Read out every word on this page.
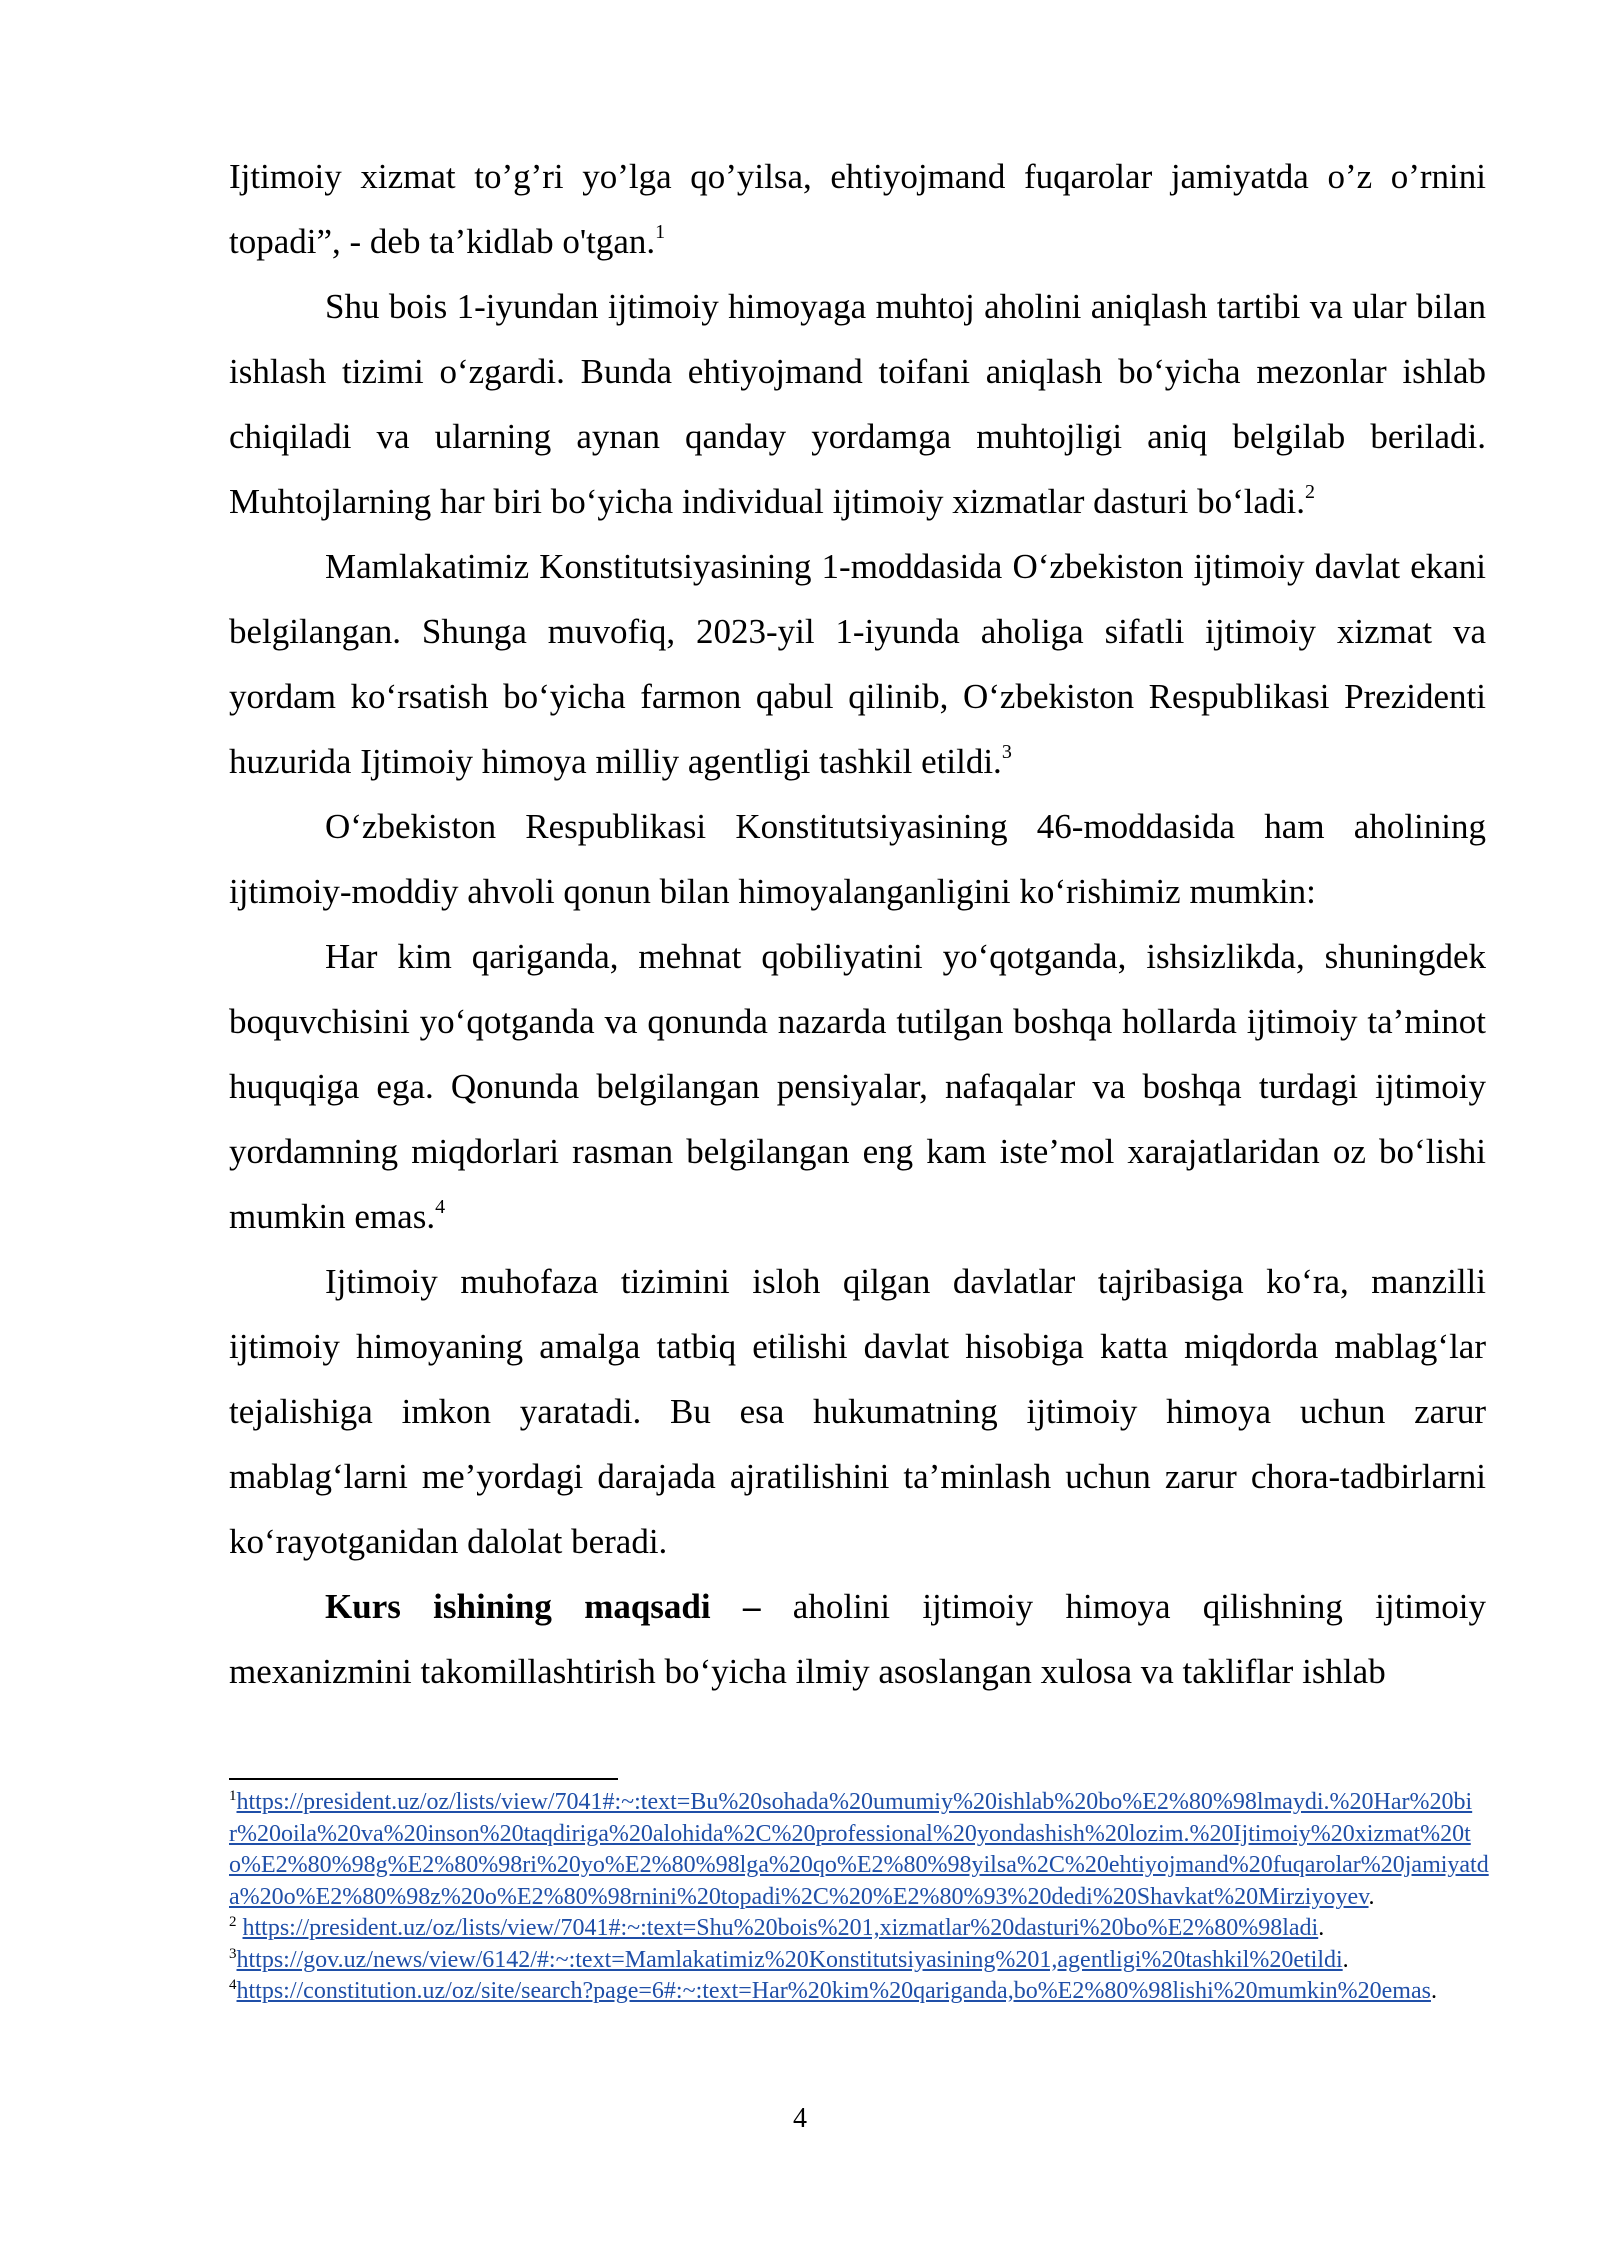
Ijtimoiy xizmat to’g’ri yo’lga qo’yilsa, ehtiyojmand fuqarolar jamiyatda o’z o’rnini topadi”, - deb ta’kidlab o'tgan.$^1$

Shu bois 1-iyundan ijtimoiy himoyaga muhtoj aholini aniqlash tartibi va ular bilan ishlash tizimi o‘zgardi. Bunda ehtiyojmand toifani aniqlash bo‘yicha mezonlar ishlab chiqiladi va ularning aynan qanday yordamga muhtojligi aniq belgilab beriladi. Muhtojlarning har biri bo‘yicha individual ijtimoiy xizmatlar dasturi bo‘ladi.$^2$

Mamlakatimiz Konstitutsiyasining 1-moddasida O‘zbekiston ijtimoiy davlat ekani belgilangan. Shunga muvofiq, 2023-yil 1-iyunda aholiga sifatli ijtimoiy xizmat va yordam ko‘rsatish bo‘yicha farmon qabul qilinib, O‘zbekiston Respublikasi Prezidenti huzurida Ijtimoiy himoya milliy agentligi tashkil etildi.$^3$

O‘zbekiston Respublikasi Konstitutsiyasining 46-moddasida ham aholining ijtimoiy-moddiy ahvoli qonun bilan himoyalanganligini ko‘rishimiz mumkin:

Har kim qariganda, mehnat qobiliyatini yo‘qotganda, ishsizlikda, shuningdek boquvchisini yo‘qotganda va qonunda nazarda tutilgan boshqa hollarda ijtimoiy ta’minot huquqiga ega. Qonunda belgilangan pensiyalar, nafaqalar va boshqa turdagi ijtimoiy yordamning miqdorlari rasman belgilangan eng kam iste’mol xarajatlaridan oz bo‘lishi mumkin emas.$^4$

Ijtimoiy muhofaza tizimini isloh qilgan davlatlar tajribasiga ko‘ra, manzilli ijtimoiy himoyaning amalga tatbiq etilishi davlat hisobiga katta miqdorda mablag‘lar tejalishiga imkon yaratadi. Bu esa hukumatning ijtimoiy himoya uchun zarur mablag‘larni me’yordagi darajada ajratilishini ta’minlash uchun zarur chora-tadbirlarni ko‘rayotganidan dalolat beradi.

Kurs ishining maqsadi – aholini ijtimoiy himoya qilishning ijtimoiy mexanizmini takomillashtirish bo‘yicha ilmiy asoslangan xulosa va takliflar ishlab

$^1$https://president.uz/oz/lists/view/7041#:~:text=Bu%20sohada%20umumiy%20ishlab%20bo%E2%80%98lmaydi.%20Har%20bir%20oila%20va%20inson%20taqdiriga%20alohida%2C%20professional%20yondashish%20lozim.%20Ijtimoiy%20xizmat%20to%E2%80%98g%E2%80%98ri%20yo%E2%80%98lga%20qo%E2%80%98yilsa%2C%20ehtiyojmand%20fuqarolar%20jamiyatda%20o%E2%80%98z%20o%E2%80%98rnini%20topadi%2C%20%E2%80%93%20dedi%20Shavkat%20Mirziyoyev.

$^2$ https://president.uz/oz/lists/view/7041#:~:text=Shu%20bois%201,xizmatlar%20dasturi%20bo%E2%80%98ladi.

$^3$https://gov.uz/news/view/6142/#:~:text=Mamlakatimiz%20Konstitutsiyasining%201,agentligi%20tashkil%20etildi.

$^4$https://constitution.uz/oz/site/search?page=6#:~:text=Har%20kim%20qariganda,bo%E2%80%98lishi%20mumkin%20emas.

4
